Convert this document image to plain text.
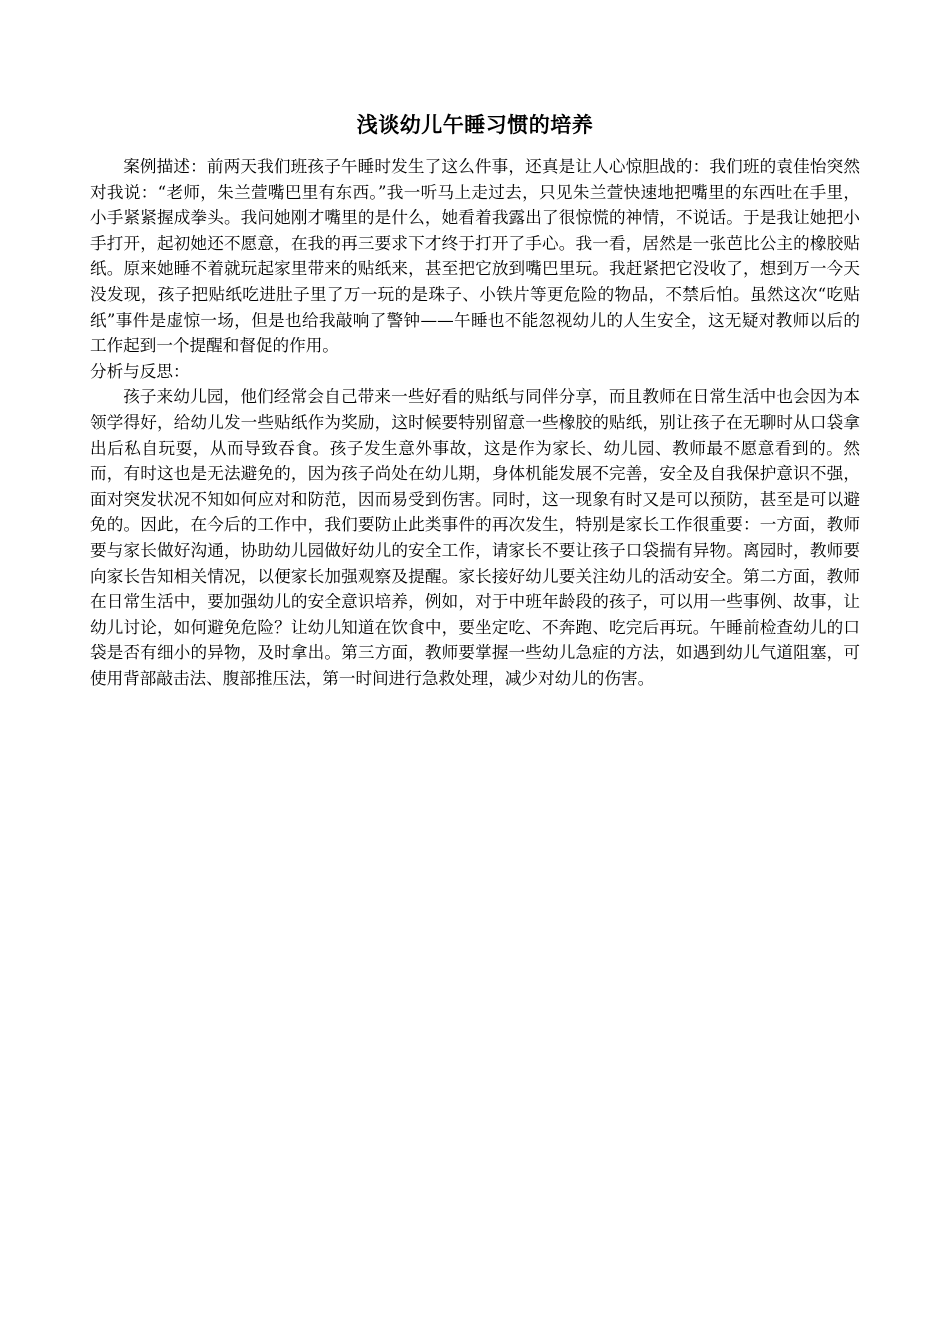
浅谈幼儿午睡习惯的培养

案例描述：前两天我们班孩子午睡时发生了这么件事，还真是让人心惊胆战的：我们班的袁佳怡突然对我说：“老师，朱兰萱嘴巴里有东西。”我一听马上走过去，只见朱兰萱快速地把嘴里的东西吐在手里，小手紧紧握成拳头。我问她刚才嘴里的是什么，她看着我露出了很惊慌的神情，不说话。于是我让她把小手打开，起初她还不愿意，在我的再三要求下才终于打开了手心。我一看，居然是一张芭比公主的橡胶贴纸。原来她睡不着就玩起家里带来的贴纸来，甚至把它放到嘴巴里玩。我赶紧把它没收了，想到万一今天没发现，孩子把贴纸吃进肚子里了万一玩的是珠子、小铁片等更危险的物品，不禁后怕。虽然这次“吃贴纸”事件是虚惊一场，但是也给我敲响了警钟——午睡也不能忽视幼儿的人生安全，这无疑对教师以后的工作起到一个提醒和督促的作用。

分析与反思：

孩子来幼儿园，他们经常会自己带来一些好看的贴纸与同伴分享，而且教师在日常生活中也会因为本领学得好，给幼儿发一些贴纸作为奖励，这时候要特别留意一些橡胶的贴纸，别让孩子在无聊时从口袋拿出后私自玩耍，从而导致吞食。孩子发生意外事故，这是作为家长、幼儿园、教师最不愿意看到的。然而，有时这也是无法避免的，因为孩子尚处在幼儿期，身体机能发展不完善，安全及自我保护意识不强，面对突发状况不知如何应对和防范，因而易受到伤害。同时，这一现象有时又是可以预防，甚至是可以避免的。因此，在今后的工作中，我们要防止此类事件的再次发生，特别是家长工作很重要：一方面，教师要与家长做好沟通，协助幼儿园做好幼儿的安全工作，请家长不要让孩子口袋揣有异物。离园时，教师要向家长告知相关情况，以便家长加强观察及提醒。家长接好幼儿要关注幼儿的活动安全。第二方面，教师在日常生活中，要加强幼儿的安全意识培养，例如，对于中班年龄段的孩子，可以用一些事例、故事，让幼儿讨论，如何避免危险？让幼儿知道在饮食中，要坐定吃、不奔跑、吃完后再玩。午睡前检查幼儿的口袋是否有细小的异物，及时拿出。第三方面，教师要掌握一些幼儿急症的方法，如遇到幼儿气道阻塞，可使用背部敲击法、腹部推压法，第一时间进行急救处理，减少对幼儿的伤害。
